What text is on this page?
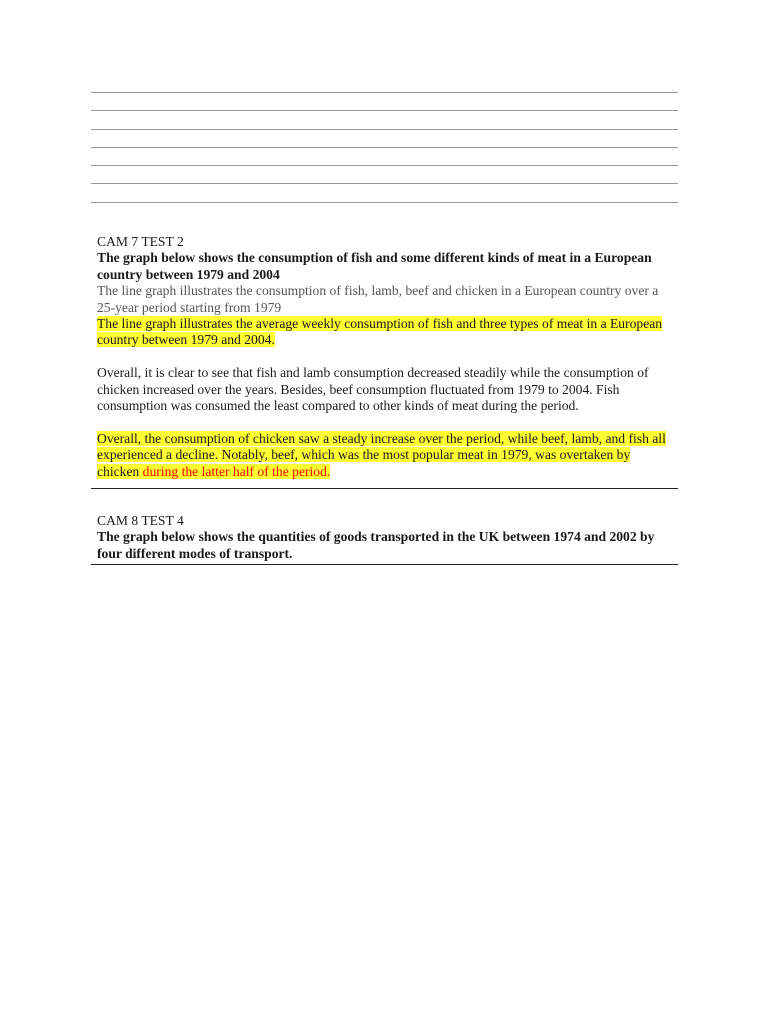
CAM 7 TEST 2

The graph below shows the consumption of fish and some different kinds of meat in a European country between 1979 and 2004

The line graph illustrates the consumption of fish, lamb, beef and chicken in a European country over a 25-year period starting from 1979

The line graph illustrates the average weekly consumption of fish and three types of meat in a European country between 1979 and 2004.

Overall, it is clear to see that fish and lamb consumption decreased steadily while the consumption of chicken increased over the years. Besides, beef consumption fluctuated from 1979 to 2004. Fish consumption was consumed the least compared to other kinds of meat during the period.

Overall, the consumption of chicken saw a steady increase over the period, while beef, lamb, and fish all experienced a decline. Notably, beef, which was the most popular meat in 1979, was overtaken by chicken during the latter half of the period.

CAM 8 TEST 4

The graph below shows the quantities of goods transported in the UK between 1974 and 2002 by four different modes of transport.
